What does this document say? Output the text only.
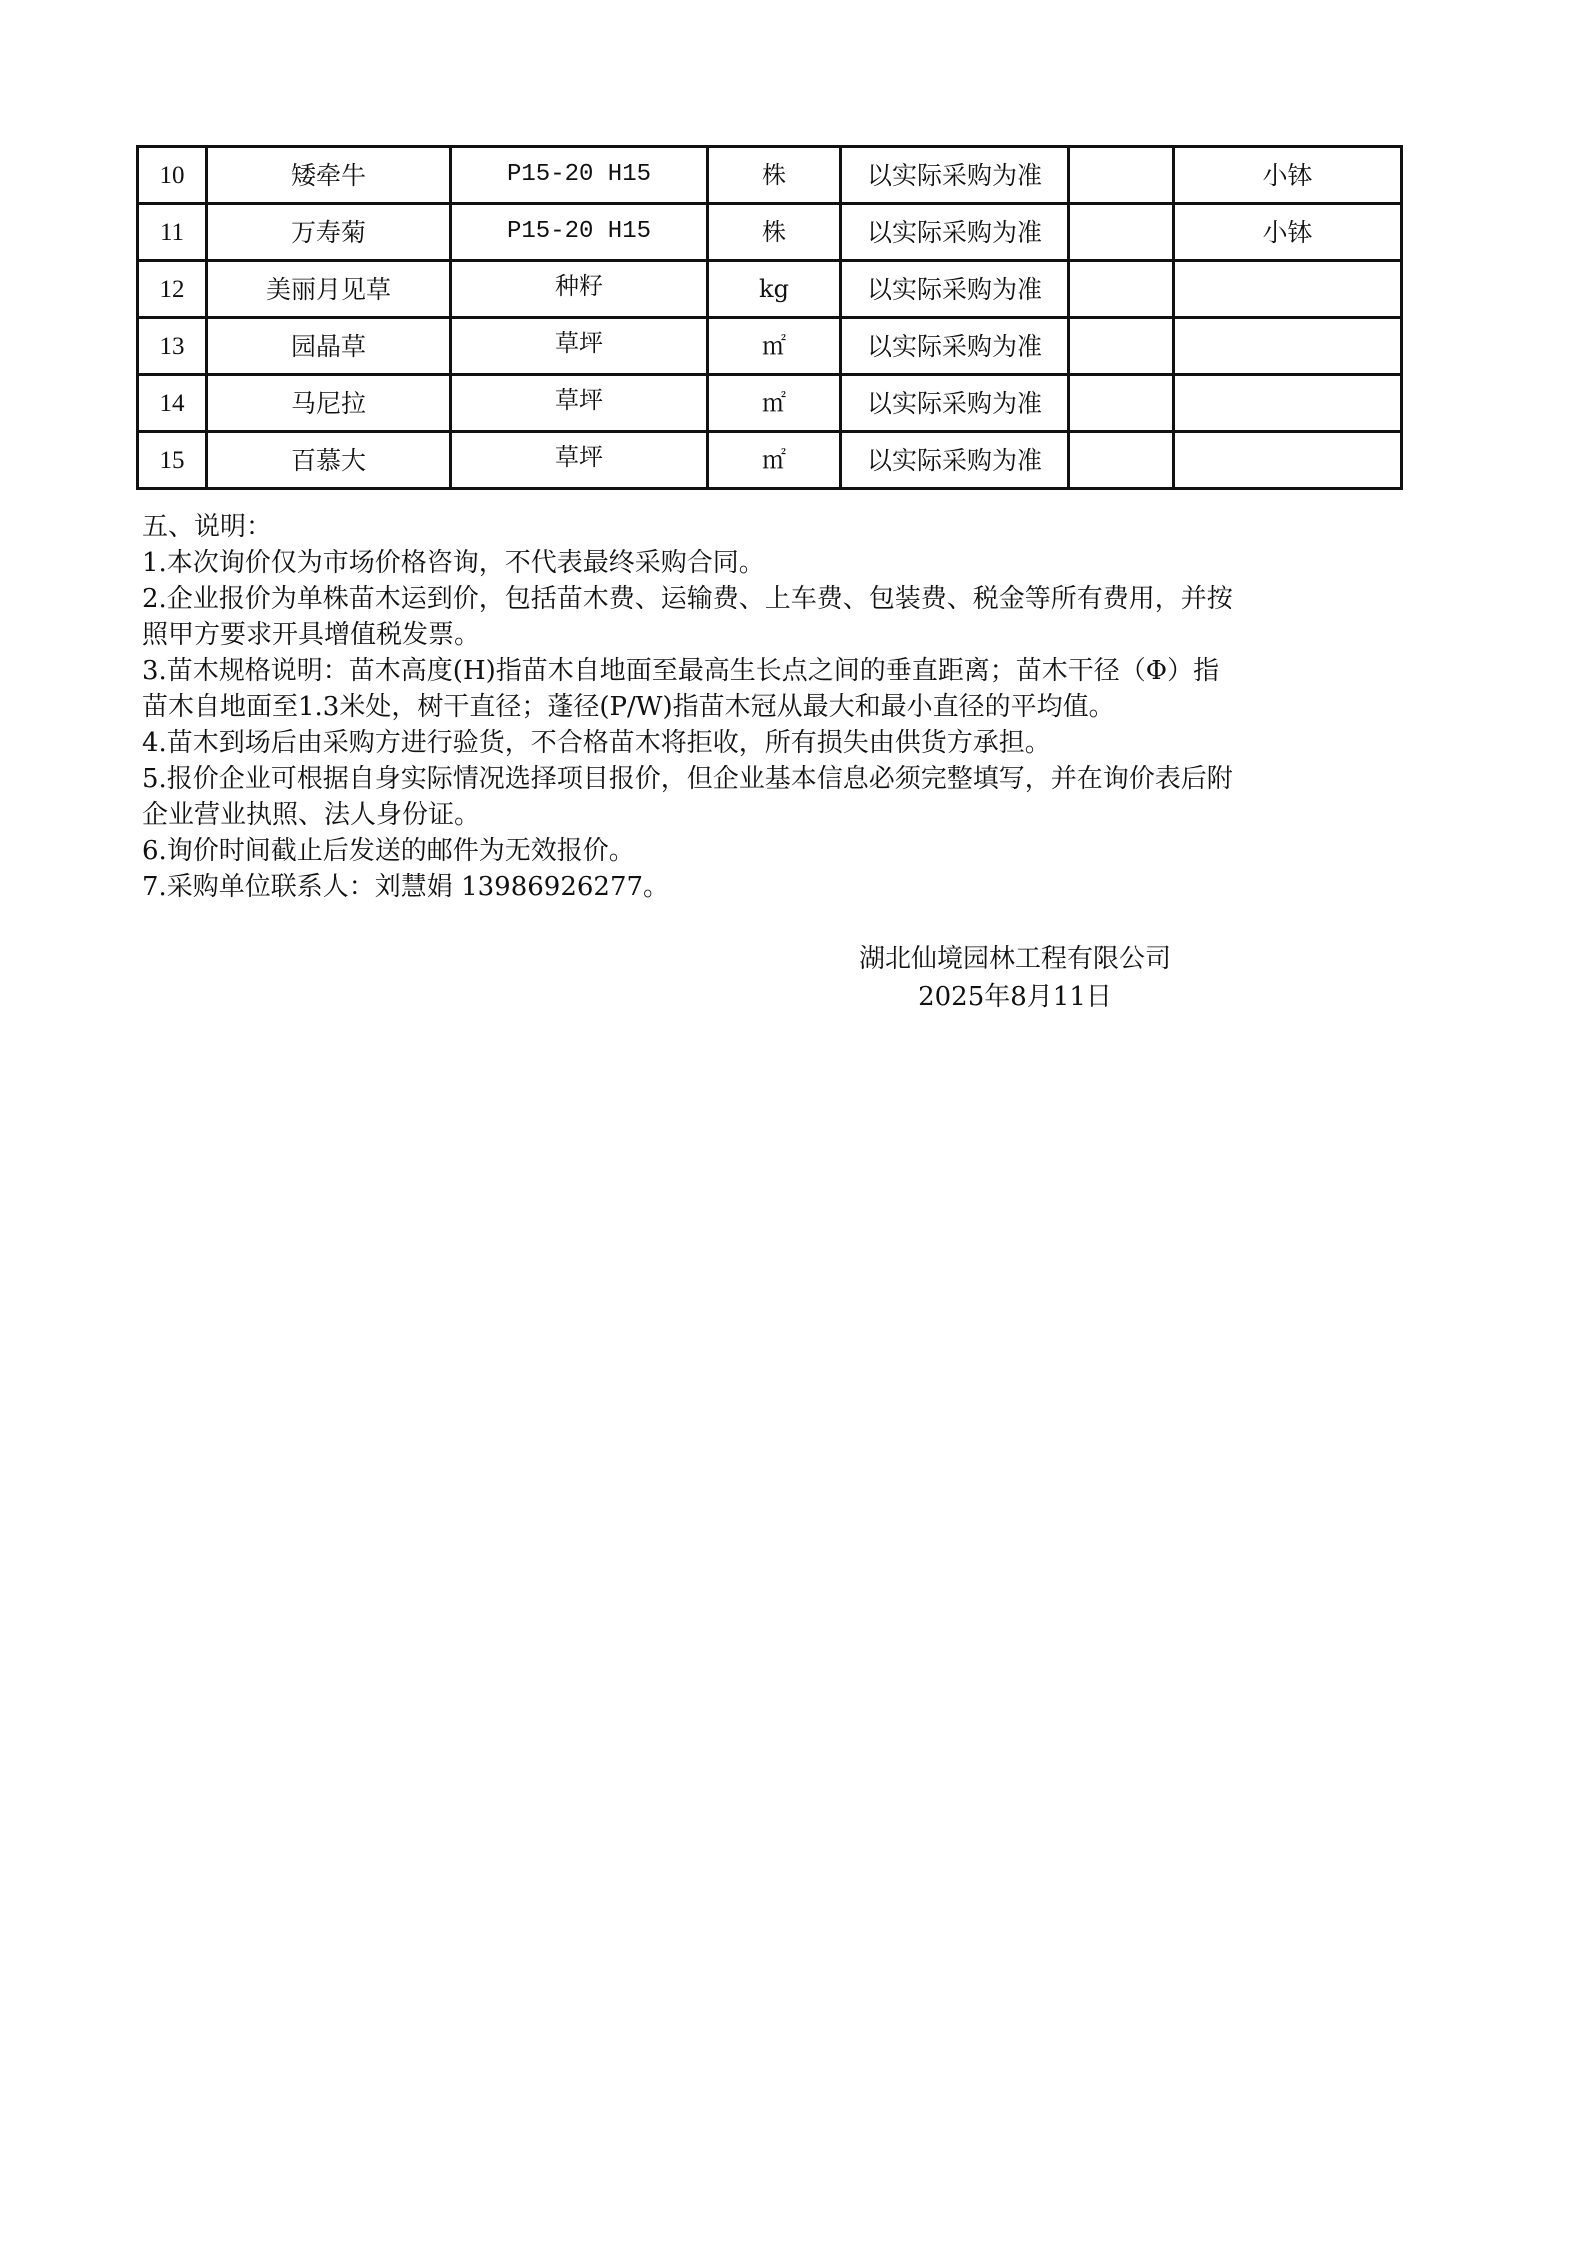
10	矮牵牛	P15-20 H15	株	以实际采购为准		小钵
11	万寿菊	P15-20 H15	株	以实际采购为准		小钵
12	美丽月见草	种籽	kg	以实际采购为准		
13	园晶草	草坪	㎡	以实际采购为准		
14	马尼拉	草坪	㎡	以实际采购为准		
15	百慕大	草坪	㎡	以实际采购为准		
五、说明：
1.本次询价仅为市场价格咨询，不代表最终采购合同。
2.企业报价为单株苗木运到价，包括苗木费、运输费、上车费、包装费、税金等所有费用，并按
照甲方要求开具增值税发票。
3.苗木规格说明：苗木高度(H)指苗木自地面至最高生长点之间的垂直距离；苗木干径（Φ）指
苗木自地面至1.3米处，树干直径；蓬径(P/W)指苗木冠从最大和最小直径的平均值。
4.苗木到场后由采购方进行验货，不合格苗木将拒收，所有损失由供货方承担。
5.报价企业可根据自身实际情况选择项目报价，但企业基本信息必须完整填写，并在询价表后附
企业营业执照、法人身份证。
6.询价时间截止后发送的邮件为无效报价。
7.采购单位联系人：刘慧娟 13986926277。
湖北仙境园林工程有限公司
2025年8月11日
